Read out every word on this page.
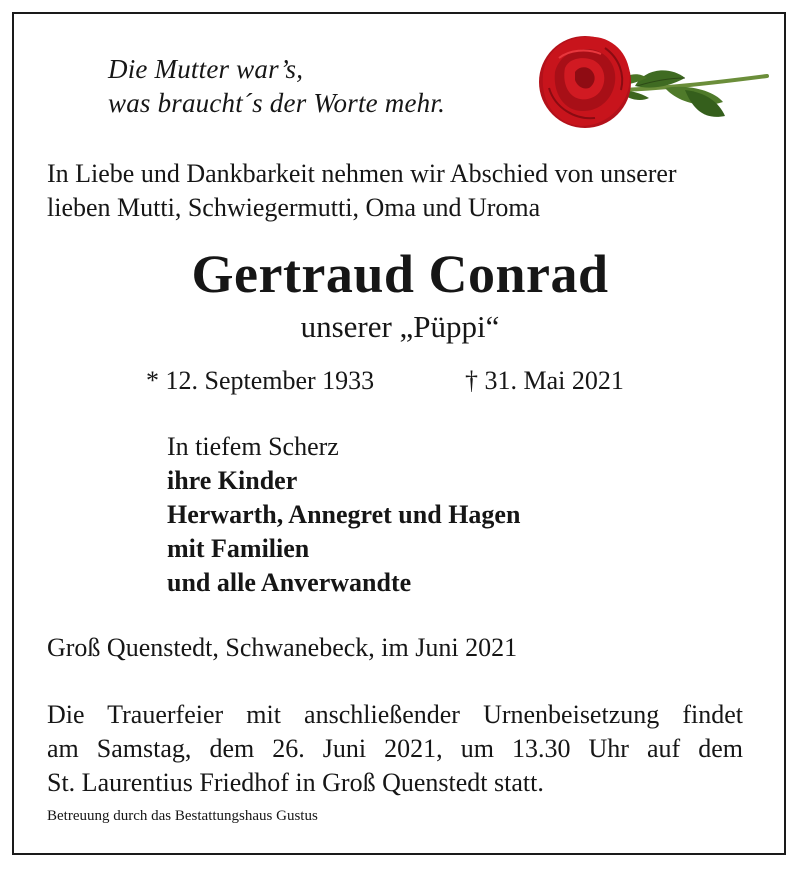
Die Mutter war’s,
was braucht´s der Worte mehr.
In Liebe und Dankbarkeit nehmen wir Abschied von unserer
lieben Mutti, Schwiegermutti, Oma und Uroma
Gertraud Conrad
unserer „Püppi“
* 12. September 1933	† 31. Mai 2021
In tiefem Scherz
ihre Kinder
Herwarth, Annegret und Hagen
mit Familien
und alle Anverwandte
Groß Quenstedt, Schwanebeck, im Juni 2021
Die Trauerfeier mit anschließender Urnenbeisetzung findet
am Samstag, dem 26. Juni 2021, um 13.30 Uhr auf dem
St. Laurentius Friedhof in Groß Quenstedt statt.
Betreuung durch das Bestattungshaus Gustus
